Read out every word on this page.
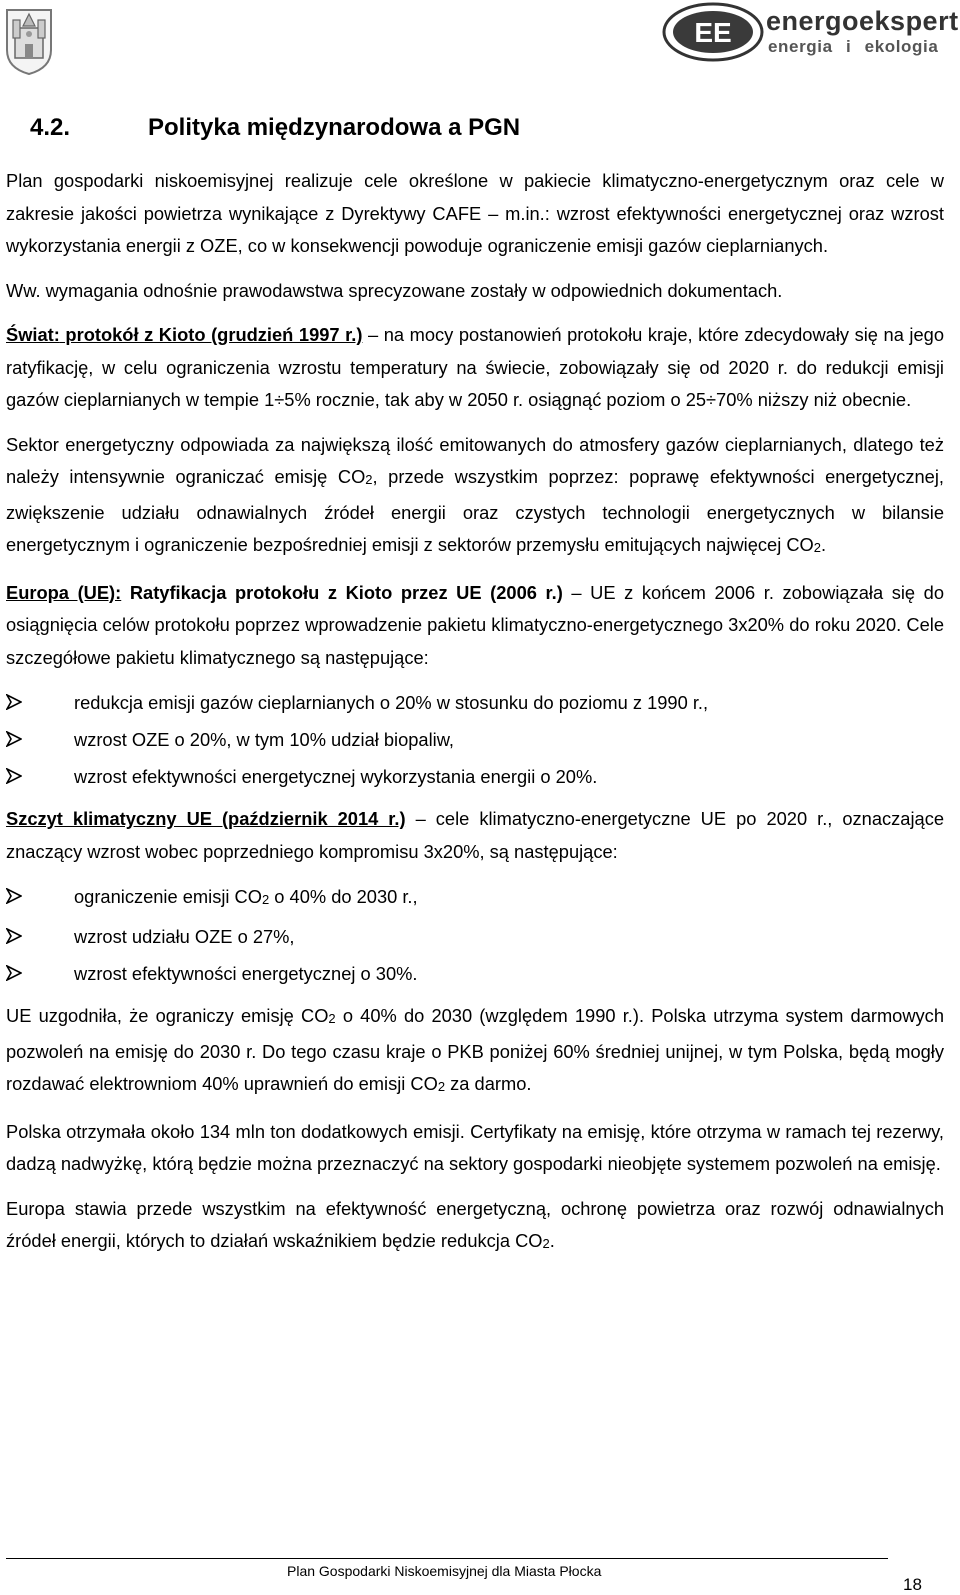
EE energoekspert
energia i ekologia
4.2.	Polityka międzynarodowa a PGN

Plan gospodarki niskoemisyjnej realizuje cele określone w pakiecie klimatyczno-energetycznym oraz cele w zakresie jakości powietrza wynikające z Dyrektywy CAFE – m.in.: wzrost efektywności energetycznej oraz wzrost wykorzystania energii z OZE, co w konsekwencji powoduje ograniczenie emisji gazów cieplarnianych.

Ww. wymagania odnośnie prawodawstwa sprecyzowane zostały w odpowiednich dokumentach.

Świat: protokół z Kioto (grudzień 1997 r.) – na mocy postanowień protokołu kraje, które zdecydowały się na jego ratyfikację, w celu ograniczenia wzrostu temperatury na świecie, zobowiązały się od 2020 r. do redukcji emisji gazów cieplarnianych w tempie 1÷5% rocznie, tak aby w 2050 r. osiągnąć poziom o 25÷70% niższy niż obecnie.

Sektor energetyczny odpowiada za największą ilość emitowanych do atmosfery gazów cieplarnianych, dlatego też należy intensywnie ograniczać emisję $CO_2$, przede wszystkim poprzez: poprawę efektywności energetycznej, zwiększenie udziału odnawialnych źródeł energii oraz czystych technologii energetycznych w bilansie energetycznym i ograniczenie bezpośredniej emisji z sektorów przemysłu emitujących najwięcej $CO_2$.

Europa (UE): Ratyfikacja protokołu z Kioto przez UE (2006 r.) – UE z końcem 2006 r. zobowiązała się do osiągnięcia celów protokołu poprzez wprowadzenie pakietu klimatyczno-energetycznego 3x20% do roku 2020. Cele szczegółowe pakietu klimatycznego są następujące:

redukcja emisji gazów cieplarnianych o 20% w stosunku do poziomu z 1990 r.,
wzrost OZE o 20%, w tym 10% udział biopaliw,
wzrost efektywności energetycznej wykorzystania energii o 20%.

Szczyt klimatyczny UE (październik 2014 r.) – cele klimatyczno-energetyczne UE po 2020 r., oznaczające znaczący wzrost wobec poprzedniego kompromisu 3x20%, są następujące:

ograniczenie emisji $CO_2$ o 40% do 2030 r.,
wzrost udziału OZE o 27%,
wzrost efektywności energetycznej o 30%.

UE uzgodniła, że ograniczy emisję $CO_2$ o 40% do 2030 (względem 1990 r.). Polska utrzyma system darmowych pozwoleń na emisję do 2030 r. Do tego czasu kraje o PKB poniżej 60% średniej unijnej, w tym Polska, będą mogły rozdawać elektrowniom 40% uprawnień do emisji $CO_2$ za darmo.

Polska otrzymała około 134 mln ton dodatkowych emisji. Certyfikaty na emisję, które otrzyma w ramach tej rezerwy, dadzą nadwyżkę, którą będzie można przeznaczyć na sektory gospodarki nieobjęte systemem pozwoleń na emisję.

Europa stawia przede wszystkim na efektywność energetyczną, ochronę powietrza oraz rozwój odnawialnych źródeł energii, których to działań wskaźnikiem będzie redukcja $CO_2$.

Plan Gospodarki Niskoemisyjnej dla Miasta Płocka
18
